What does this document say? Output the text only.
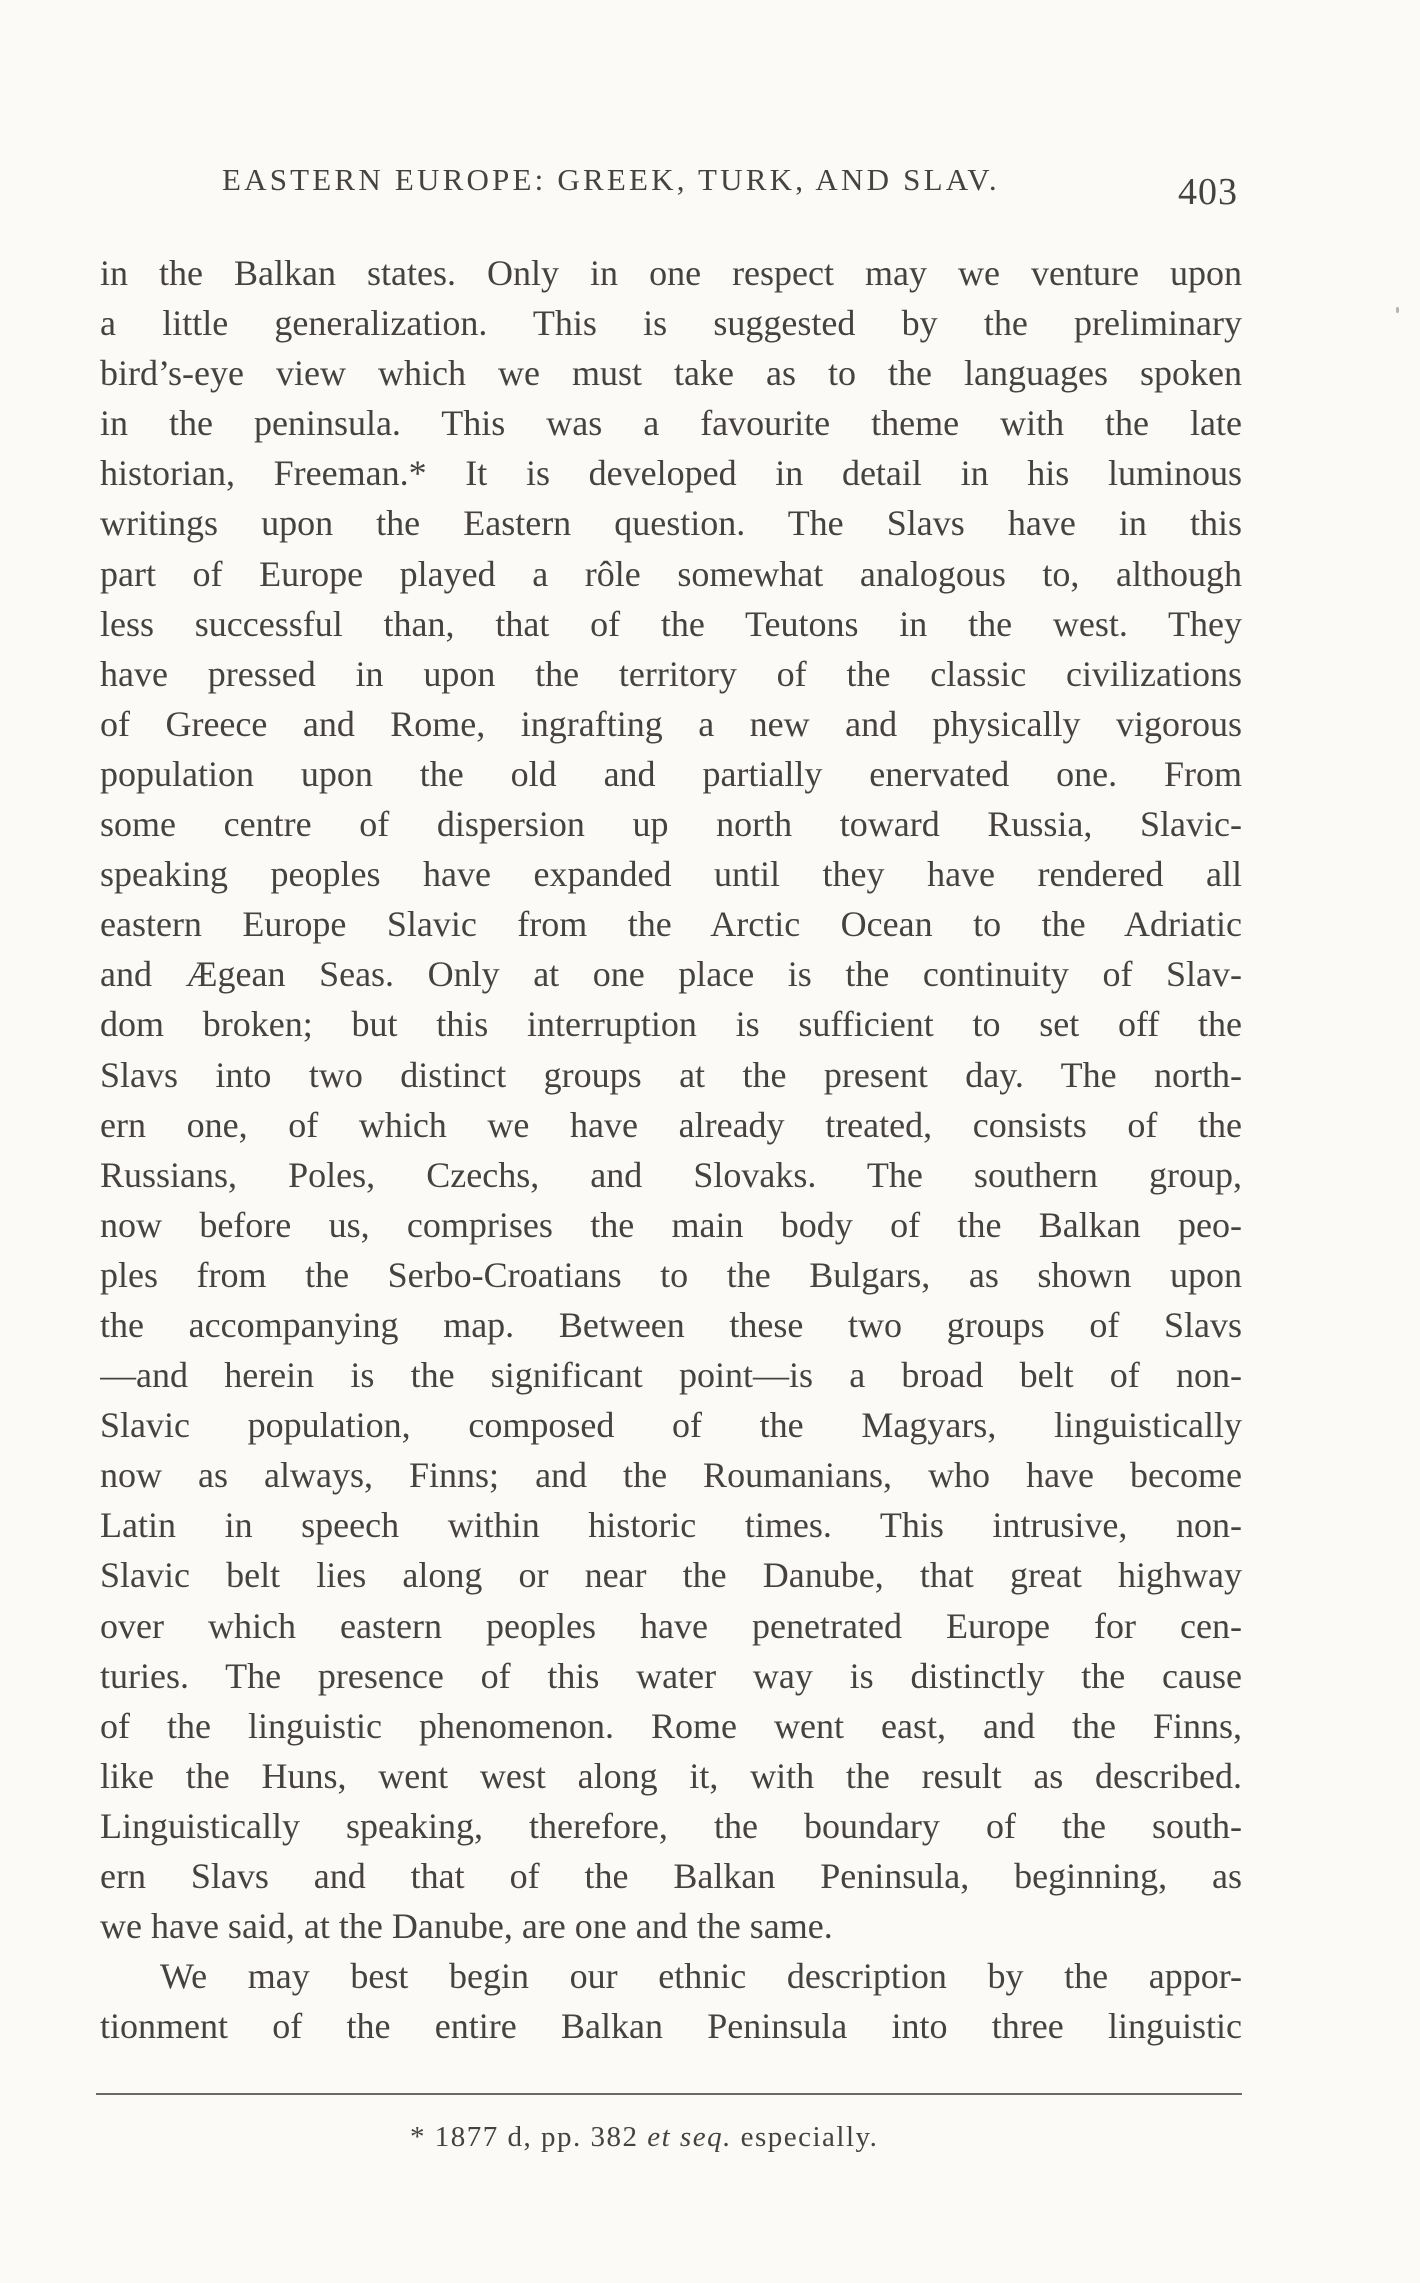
EASTERN EUROPE: GREEK, TURK, AND SLAV.	403
in the Balkan states. Only in one respect may we venture upon
a little generalization. This is suggested by the preliminary
bird’s-eye view which we must take as to the languages spoken
in the peninsula. This was a favourite theme with the late
historian, Freeman.* It is developed in detail in his luminous
writings upon the Eastern question. The Slavs have in this
part of Europe played a rôle somewhat analogous to, although
less successful than, that of the Teutons in the west. They
have pressed in upon the territory of the classic civilizations
of Greece and Rome, ingrafting a new and physically vigorous
population upon the old and partially enervated one. From
some centre of dispersion up north toward Russia, Slavic-
speaking peoples have expanded until they have rendered all
eastern Europe Slavic from the Arctic Ocean to the Adriatic
and Ægean Seas. Only at one place is the continuity of Slav-
dom broken; but this interruption is sufficient to set off the
Slavs into two distinct groups at the present day. The north-
ern one, of which we have already treated, consists of the
Russians, Poles, Czechs, and Slovaks. The southern group,
now before us, comprises the main body of the Balkan peo-
ples from the Serbo-Croatians to the Bulgars, as shown upon
the accompanying map. Between these two groups of Slavs
—and herein is the significant point—is a broad belt of non-
Slavic population, composed of the Magyars, linguistically
now as always, Finns; and the Roumanians, who have become
Latin in speech within historic times. This intrusive, non-
Slavic belt lies along or near the Danube, that great highway
over which eastern peoples have penetrated Europe for cen-
turies. The presence of this water way is distinctly the cause
of the linguistic phenomenon. Rome went east, and the Finns,
like the Huns, went west along it, with the result as described.
Linguistically speaking, therefore, the boundary of the south-
ern Slavs and that of the Balkan Peninsula, beginning, as
we have said, at the Danube, are one and the same.
We may best begin our ethnic description by the appor-
tionment of the entire Balkan Peninsula into three linguistic
* 1877 d, pp. 382 et seq. especially.
